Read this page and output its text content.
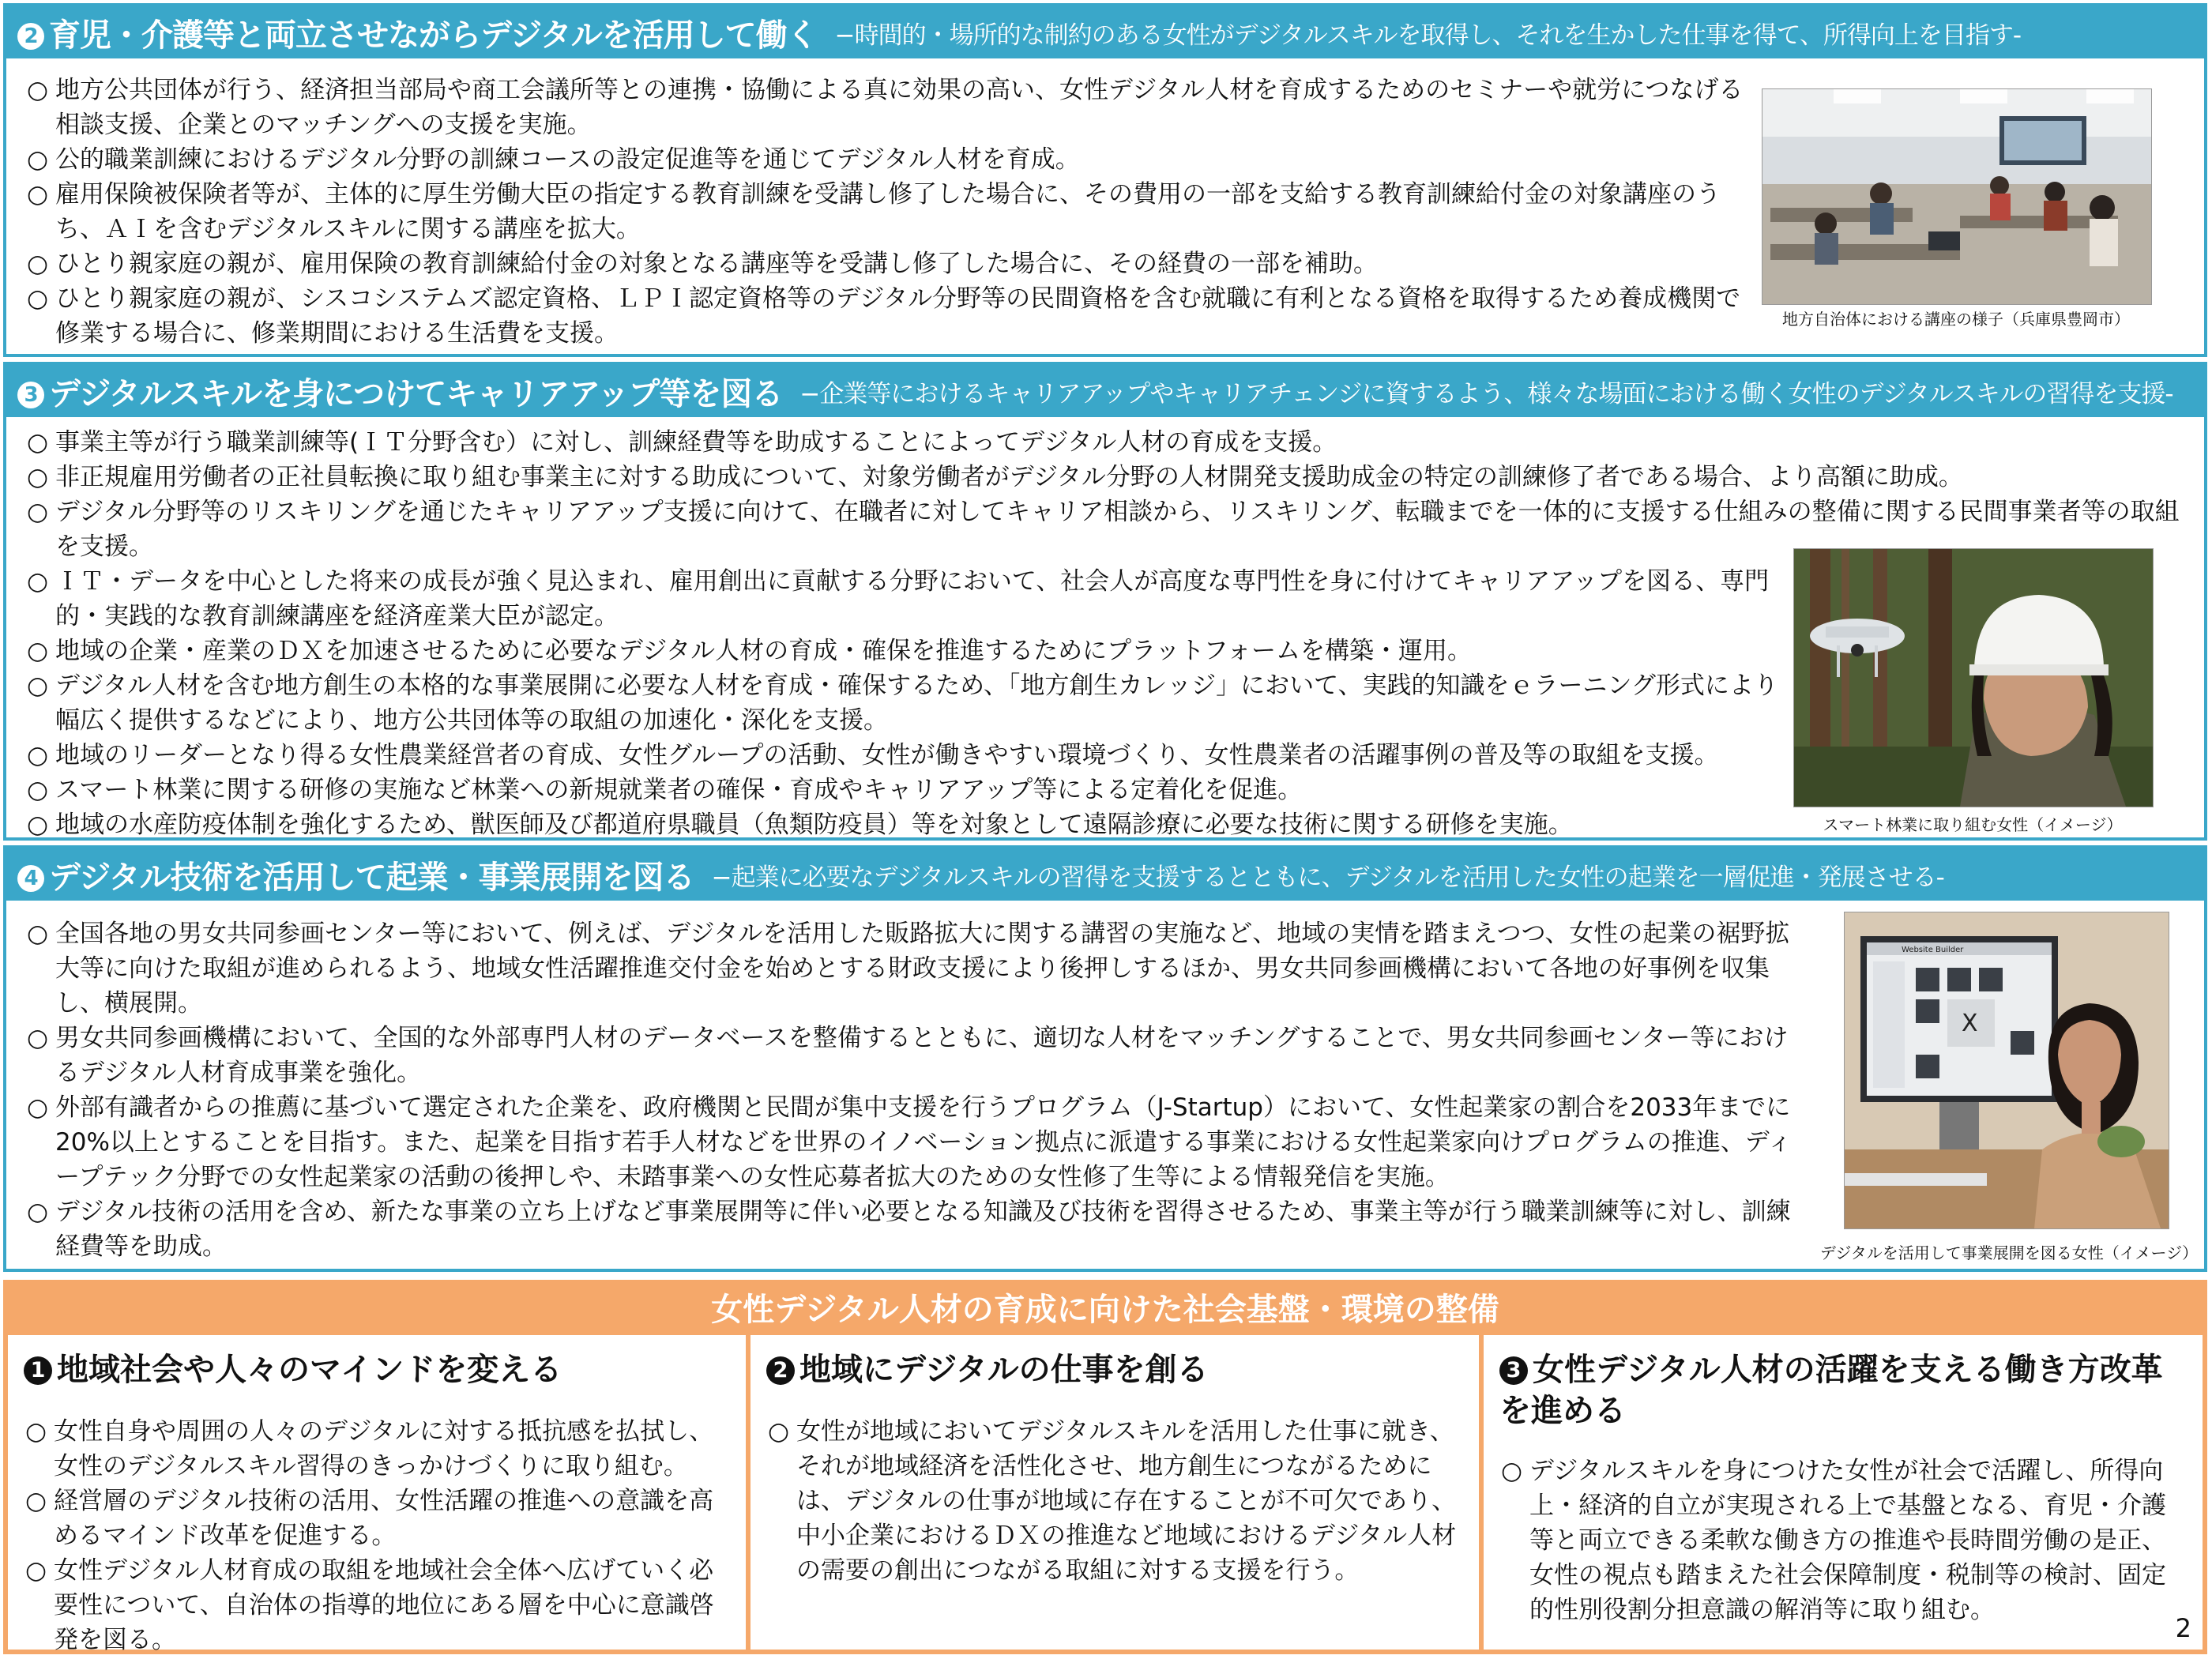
2 育児・介護等と両立させながらデジタルを活用して働く −時間的・場所的な制約のある女性がデジタルスキルを取得し、それを生かした仕事を得て、所得向上を目指す-
○ 地方公共団体が行う、経済担当部局や商工会議所等との連携・協働による真に効果の高い、女性デジタル人材を育成するためのセミナーや就労につなげる相談支援、企業とのマッチングへの支援を実施。
○ 公的職業訓練におけるデジタル分野の訓練コースの設定促進等を通じてデジタル人材を育成。
○ 雇用保険被保険者等が、主体的に厚生労働大臣の指定する教育訓練を受講し修了した場合に、その費用の一部を支給する教育訓練給付金の対象講座のうち、ＡＩを含むデジタルスキルに関する講座を拡大。
○ ひとり親家庭の親が、雇用保険の教育訓練給付金の対象となる講座等を受講し修了した場合に、その経費の一部を補助。
○ ひとり親家庭の親が、シスコシステムズ認定資格、ＬＰＩ認定資格等のデジタル分野等の民間資格を含む就職に有利となる資格を取得するため養成機関で修業する場合に、修業期間における生活費を支援。	地方自治体における講座の様子（兵庫県豊岡市）
3 デジタルスキルを身につけてキャリアアップ等を図る −企業等におけるキャリアアップやキャリアチェンジに資するよう、様々な場面における働く女性のデジタルスキルの習得を支援-
○ 事業主等が行う職業訓練等(ＩＴ分野含む）に対し、訓練経費等を助成することによってデジタル人材の育成を支援。
○ 非正規雇用労働者の正社員転換に取り組む事業主に対する助成について、対象労働者がデジタル分野の人材開発支援助成金の特定の訓練修了者である場合、より高額に助成。
○ デジタル分野等のリスキリングを通じたキャリアアップ支援に向けて、在職者に対してキャリア相談から、リスキリング、転職までを一体的に支援する仕組みの整備に関する民間事業者等の取組を支援。
○ ＩＴ・データを中心とした将来の成長が強く見込まれ、雇用創出に貢献する分野において、社会人が高度な専門性を身に付けてキャリアアップを図る、専門的・実践的な教育訓練講座を経済産業大臣が認定。
○ 地域の企業・産業のＤＸを加速させるために必要なデジタル人材の育成・確保を推進するためにプラットフォームを構築・運用。
○ デジタル人材を含む地方創生の本格的な事業展開に必要な人材を育成・確保するため、「地方創生カレッジ」において、実践的知識をｅラーニング形式により幅広く提供するなどにより、地方公共団体等の取組の加速化・深化を支援。
○ 地域のリーダーとなり得る女性農業経営者の育成、女性グループの活動、女性が働きやすい環境づくり、女性農業者の活躍事例の普及等の取組を支援。
○ スマート林業に関する研修の実施など林業への新規就業者の確保・育成やキャリアアップ等による定着化を促進。
○ 地域の水産防疫体制を強化するため、獣医師及び都道府県職員（魚類防疫員）等を対象として遠隔診療に必要な技術に関する研修を実施。	スマート林業に取り組む女性（イメージ）
4 デジタル技術を活用して起業・事業展開を図る −起業に必要なデジタルスキルの習得を支援するとともに、デジタルを活用した女性の起業を一層促進・発展させる-
○ 全国各地の男女共同参画センター等において、例えば、デジタルを活用した販路拡大に関する講習の実施など、地域の実情を踏まえつつ、女性の起業の裾野拡大等に向けた取組が進められるよう、地域女性活躍推進交付金を始めとする財政支援により後押しするほか、男女共同参画機構において各地の好事例を収集し、横展開。
○ 男女共同参画機構において、全国的な外部専門人材のデータベースを整備するとともに、適切な人材をマッチングすることで、男女共同参画センター等におけるデジタル人材育成事業を強化。
○ 外部有識者からの推薦に基づいて選定された企業を、政府機関と民間が集中支援を行うプログラム（J-Startup）において、女性起業家の割合を2033年までに20%以上とすることを目指す。また、起業を目指す若手人材などを世界のイノベーション拠点に派遣する事業における女性起業家向けプログラムの推進、ディープテック分野での女性起業家の活動の後押しや、未踏事業への女性応募者拡大のための女性修了生等による情報発信を実施。
○ デジタル技術の活用を含め、新たな事業の立ち上げなど事業展開等に伴い必要となる知識及び技術を習得させるため、事業主等が行う職業訓練等に対し、訓練経費等を助成。
Website Builder
X
デジタルを活用して事業展開を図る女性（イメージ）
女性デジタル人材の育成に向けた社会基盤・環境の整備
1 地域社会や人々のマインドを変える
○ 女性自身や周囲の人々のデジタルに対する抵抗感を払拭し、女性のデジタルスキル習得のきっかけづくりに取り組む。
○ 経営層のデジタル技術の活用、女性活躍の推進への意識を高めるマインド改革を促進する。
○ 女性デジタル人材育成の取組を地域社会全体へ広げていく必要性について、自治体の指導的地位にある層を中心に意識啓発を図る。
2 地域にデジタルの仕事を創る
○ 女性が地域においてデジタルスキルを活用した仕事に就き、それが地域経済を活性化させ、地方創生につながるためには、デジタルの仕事が地域に存在することが不可欠であり、中小企業におけるＤＸの推進など地域におけるデジタル人材の需要の創出につながる取組に対する支援を行う。
3 女性デジタル人材の活躍を支える働き方改革を進める
○ デジタルスキルを身につけた女性が社会で活躍し、所得向上・経済的自立が実現される上で基盤となる、育児・介護等と両立できる柔軟な働き方の推進や長時間労働の是正、女性の視点も踏まえた社会保障制度・税制等の検討、固定的性別役割分担意識の解消等に取り組む。
2
